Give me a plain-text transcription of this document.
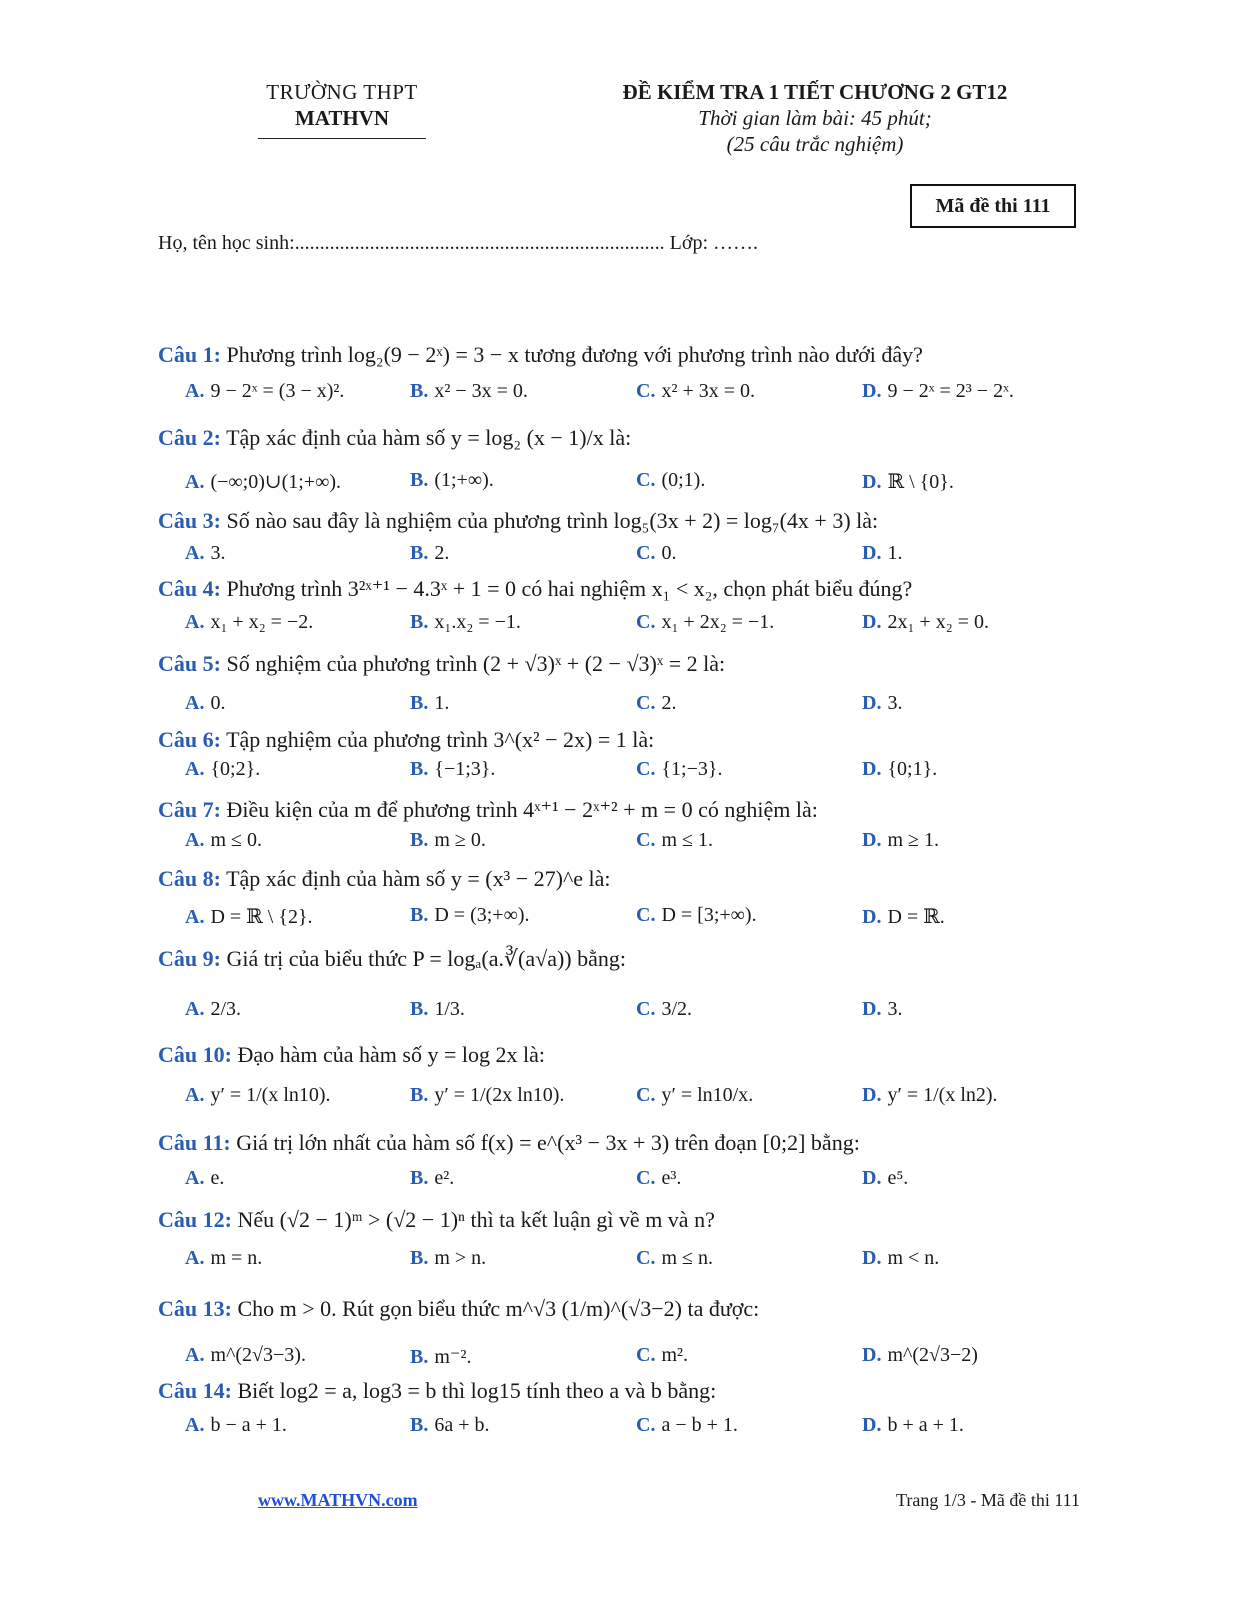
TRƯỜNG THPT
MATHVN
ĐỀ KIỂM TRA 1 TIẾT CHƯƠNG 2 GT12
Thời gian làm bài: 45 phút;
(25 câu trắc nghiệm)
Mã đề thi 111
Họ, tên học sinh:.......................................................................... Lớp: …….
Câu 1: Phương trình log₂(9 − 2ˣ) = 3 − x tương đương với phương trình nào dưới đây?
A. 9 − 2ˣ = (3 − x)².	B. x² − 3x = 0.	C. x² + 3x = 0.	D. 9 − 2ˣ = 2³ − 2ˣ.
Câu 2: Tập xác định của hàm số y = log₂ (x − 1)/x là:
A. (−∞;0)∪(1;+∞).	B. (1;+∞).	C. (0;1).	D. ℝ \ {0}.
Câu 3: Số nào sau đây là nghiệm của phương trình log₅(3x + 2) = log₇(4x + 3) là:
A. 3.	B. 2.	C. 0.	D. 1.
Câu 4: Phương trình 3²ˣ⁺¹ − 4.3ˣ + 1 = 0 có hai nghiệm x₁ < x₂, chọn phát biểu đúng?
A. x₁ + x₂ = −2.	B. x₁.x₂ = −1.	C. x₁ + 2x₂ = −1.	D. 2x₁ + x₂ = 0.
Câu 5: Số nghiệm của phương trình (2 + √3)ˣ + (2 − √3)ˣ = 2 là:
A. 0.	B. 1.	C. 2.	D. 3.
Câu 6: Tập nghiệm của phương trình 3^(x² − 2x) = 1 là:
A. {0;2}.	B. {−1;3}.	C. {1;−3}.	D. {0;1}.
Câu 7: Điều kiện của m để phương trình 4ˣ⁺¹ − 2ˣ⁺² + m = 0 có nghiệm là:
A. m ≤ 0.	B. m ≥ 0.	C. m ≤ 1.	D. m ≥ 1.
Câu 8: Tập xác định của hàm số y = (x³ − 27)^e là:
A. D = ℝ \ {2}.	B. D = (3;+∞).	C. D = [3;+∞).	D. D = ℝ.
Câu 9: Giá trị của biểu thức P = logₐ(a.∛(a√a)) bằng:
A. 2/3.	B. 1/3.	C. 3/2.	D. 3.
Câu 10: Đạo hàm của hàm số y = log 2x là:
A. y′ = 1/(x ln10).	B. y′ = 1/(2x ln10).	C. y′ = ln10/x.	D. y′ = 1/(x ln2).
Câu 11: Giá trị lớn nhất của hàm số f(x) = e^(x³ − 3x + 3) trên đoạn [0;2] bằng:
A. e.	B. e².	C. e³.	D. e⁵.
Câu 12: Nếu (√2 − 1)ᵐ > (√2 − 1)ⁿ thì ta kết luận gì về m và n?
A. m = n.	B. m > n.	C. m ≤ n.	D. m < n.
Câu 13: Cho m > 0. Rút gọn biểu thức m^√3 (1/m)^(√3−2) ta được:
A. m^(2√3−3).	B. m⁻².	C. m².	D. m^(2√3−2)
Câu 14: Biết log2 = a, log3 = b thì log15 tính theo a và b bằng:
A. b − a + 1.	B. 6a + b.	C. a − b + 1.	D. b + a + 1.
www.MATHVN.com	Trang 1/3 - Mã đề thi 111
